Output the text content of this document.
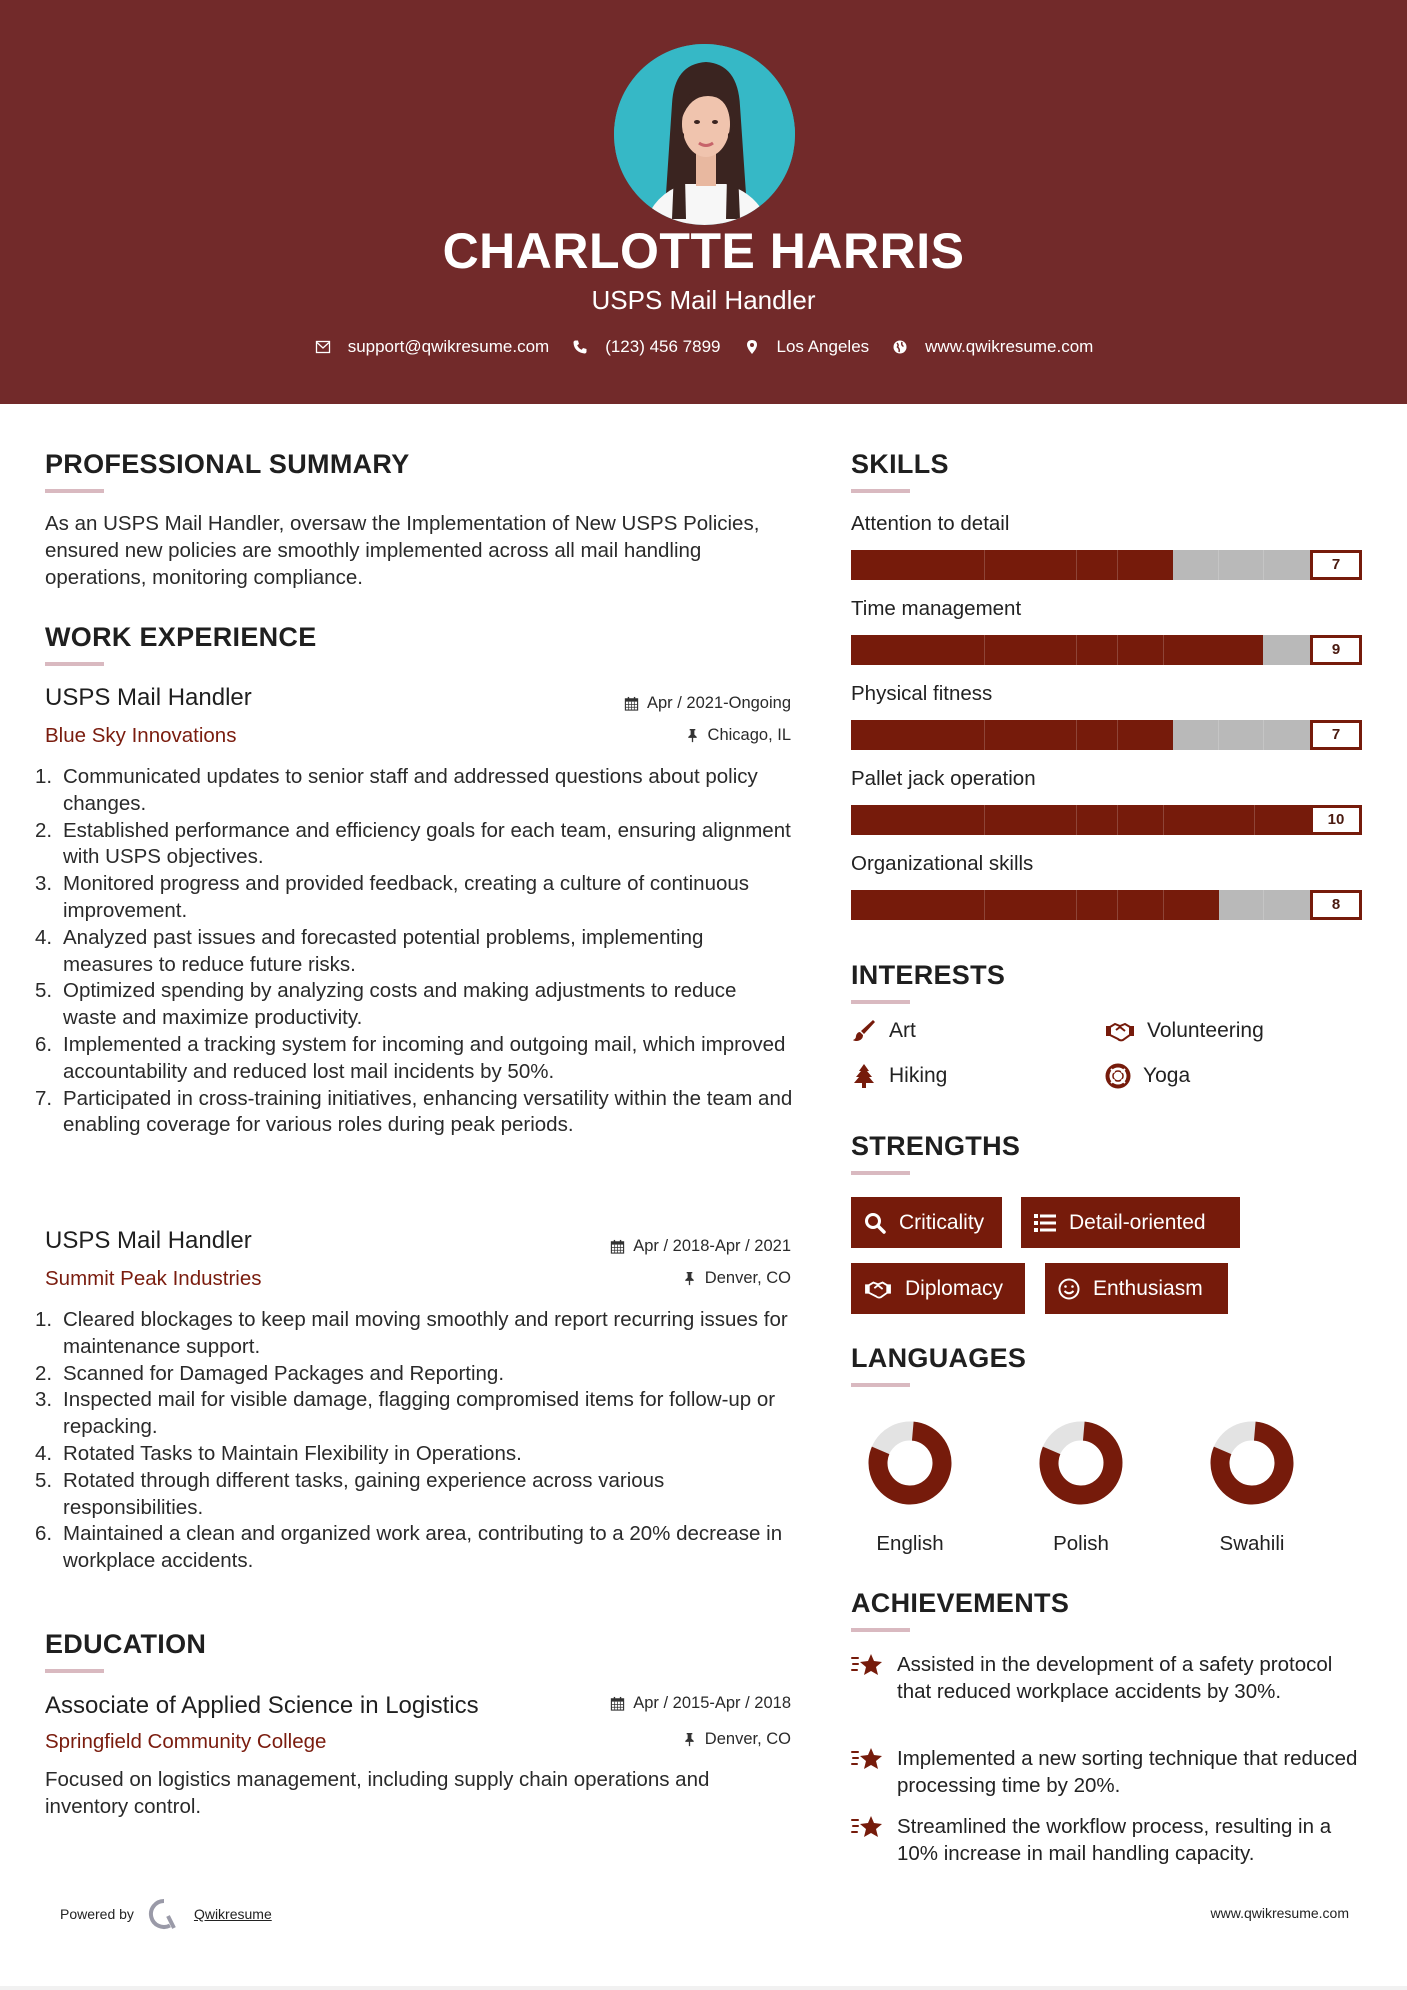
CHARLOTTE HARRIS
USPS Mail Handler
support@qwikresume.com	(123) 456 7899	Los Angeles	www.qwikresume.com
PROFESSIONAL SUMMARY
As an USPS Mail Handler, oversaw the Implementation of New USPS Policies, ensured new policies are smoothly implemented across all mail handling operations, monitoring compliance.
WORK EXPERIENCE
USPS Mail Handler	Apr / 2021-Ongoing
Blue Sky Innovations	Chicago, IL
1. Communicated updates to senior staff and addressed questions about policy changes.
2. Established performance and efficiency goals for each team, ensuring alignment with USPS objectives.
3. Monitored progress and provided feedback, creating a culture of continuous improvement.
4. Analyzed past issues and forecasted potential problems, implementing measures to reduce future risks.
5. Optimized spending by analyzing costs and making adjustments to reduce waste and maximize productivity.
6. Implemented a tracking system for incoming and outgoing mail, which improved accountability and reduced lost mail incidents by 50%.
7. Participated in cross-training initiatives, enhancing versatility within the team and enabling coverage for various roles during peak periods.
USPS Mail Handler	Apr / 2018-Apr / 2021
Summit Peak Industries	Denver, CO
1. Cleared blockages to keep mail moving smoothly and report recurring issues for maintenance support.
2. Scanned for Damaged Packages and Reporting.
3. Inspected mail for visible damage, flagging compromised items for follow-up or repacking.
4. Rotated Tasks to Maintain Flexibility in Operations.
5. Rotated through different tasks, gaining experience across various responsibilities.
6. Maintained a clean and organized work area, contributing to a 20% decrease in workplace accidents.
EDUCATION
Associate of Applied Science in Logistics	Apr / 2015-Apr / 2018
Springfield Community College	Denver, CO
Focused on logistics management, including supply chain operations and inventory control.
SKILLS
Attention to detail
7
Time management
9
Physical fitness
7
Pallet jack operation
10
Organizational skills
8
INTERESTS
Art	Volunteering
Hiking	Yoga
STRENGTHS
Criticality	Detail-oriented
Diplomacy	Enthusiasm
LANGUAGES
English	Polish	Swahili
ACHIEVEMENTS
Assisted in the development of a safety protocol that reduced workplace accidents by 30%.
Implemented a new sorting technique that reduced processing time by 20%.
Streamlined the workflow process, resulting in a 10% increase in mail handling capacity.
Powered by	Qwikresume	www.qwikresume.com
